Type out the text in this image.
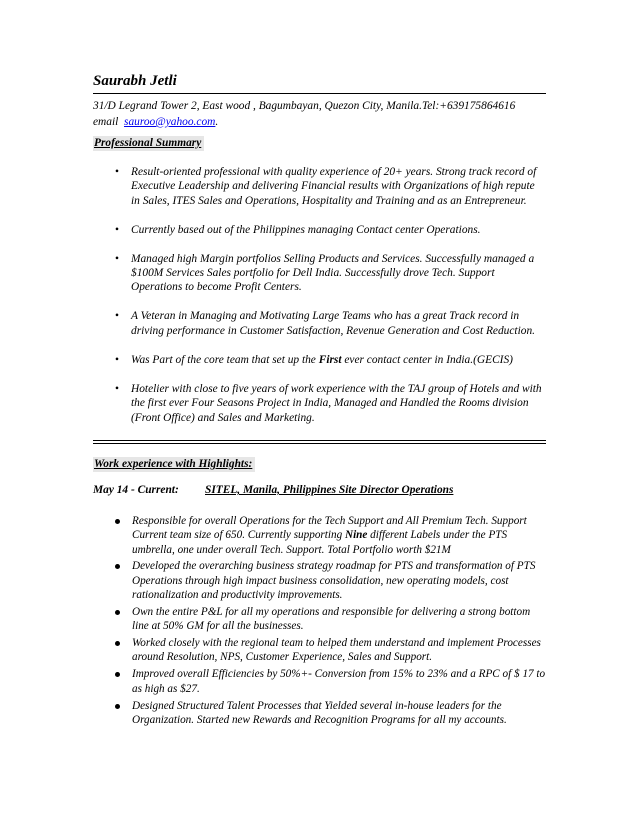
Saurabh Jetli
31/D Legrand Tower 2, East wood , Bagumbayan, Quezon City, Manila.Tel:+639175864616
email sauroo@yahoo.com.
Professional Summary
• Result-oriented professional with quality experience of 20+ years. Strong track record of Executive Leadership and delivering Financial results with Organizations of high repute in Sales, ITES Sales and Operations, Hospitality and Training and as an Entrepreneur.
• Currently based out of the Philippines managing Contact center Operations.
• Managed high Margin portfolios Selling Products and Services. Successfully managed a $100M Services Sales portfolio for Dell India. Successfully drove Tech. Support Operations to become Profit Centers.
• A Veteran in Managing and Motivating Large Teams who has a great Track record in driving performance in Customer Satisfaction, Revenue Generation and Cost Reduction.
• Was Part of the core team that set up the First ever contact center in India.(GECIS)
• Hotelier with close to five years of work experience with the TAJ group of Hotels and with the first ever Four Seasons Project in India, Managed and Handled the Rooms division (Front Office) and Sales and Marketing.
Work experience with Highlights:
May 14 - Current: SITEL, Manila, Philippines Site Director Operations
Responsible for overall Operations for the Tech Support and All Premium Tech. Support Current team size of 650. Currently supporting Nine different Labels under the PTS umbrella, one under overall Tech. Support. Total Portfolio worth $21M
Developed the overarching business strategy roadmap for PTS and transformation of PTS Operations through high impact business consolidation, new operating models, cost rationalization and productivity improvements.
Own the entire P&L for all my operations and responsible for delivering a strong bottom line at 50% GM for all the businesses.
Worked closely with the regional team to helped them understand and implement Processes around Resolution, NPS, Customer Experience, Sales and Support.
Improved overall Efficiencies by 50%+- Conversion from 15% to 23% and a RPC of $ 17 to as high as $27.
Designed Structured Talent Processes that Yielded several in-house leaders for the Organization. Started new Rewards and Recognition Programs for all my accounts.
